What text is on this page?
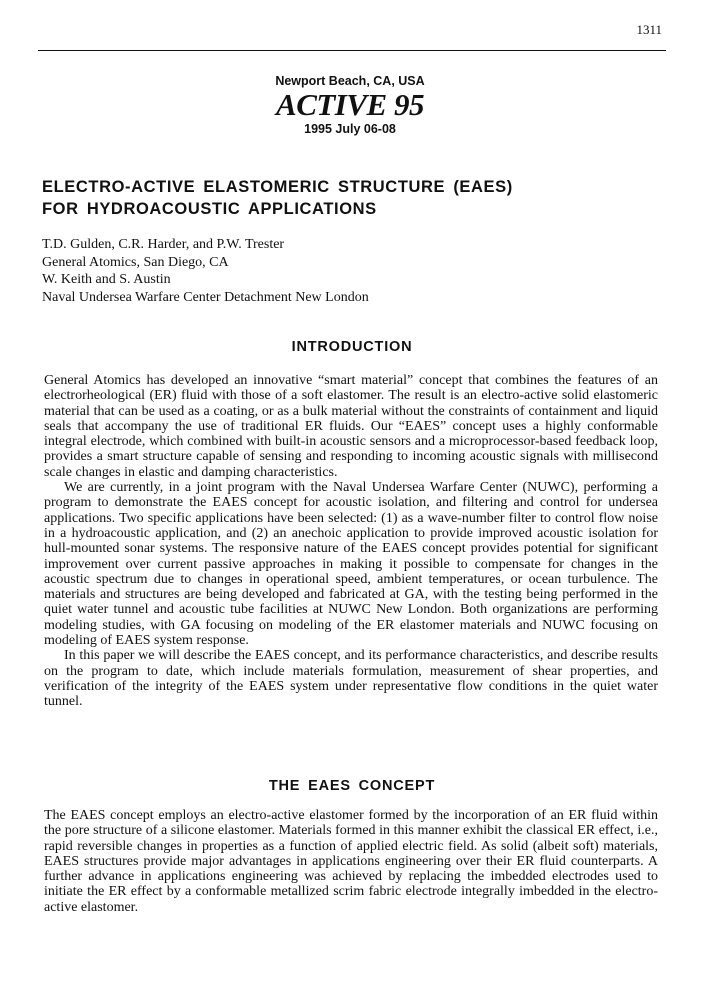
1311
Newport Beach, CA, USA
ACTIVE 95
1995 July 06-08
ELECTRO-ACTIVE ELASTOMERIC STRUCTURE (EAES)
FOR HYDROACOUSTIC APPLICATIONS
T.D. Gulden, C.R. Harder, and P.W. Trester
General Atomics, San Diego, CA
W. Keith and S. Austin
Naval Undersea Warfare Center Detachment New London
INTRODUCTION

General Atomics has developed an innovative “smart material” concept that combines the features of an electrorheological (ER) fluid with those of a soft elastomer. The result is an electro-active solid elastomeric material that can be used as a coating, or as a bulk material without the constraints of containment and liquid seals that accompany the use of traditional ER fluids. Our “EAES” concept uses a highly conformable integral electrode, which combined with built-in acoustic sensors and a microprocessor-based feedback loop, provides a smart structure capable of sensing and responding to incoming acoustic signals with millisecond scale changes in elastic and damping characteristics.

We are currently, in a joint program with the Naval Undersea Warfare Center (NUWC), performing a program to demonstrate the EAES concept for acoustic isolation, and filtering and control for undersea applications. Two specific applications have been selected: (1) as a wave-number filter to control flow noise in a hydroacoustic application, and (2) an anechoic application to provide improved acoustic isolation for hull-mounted sonar systems. The responsive nature of the EAES concept provides potential for significant improvement over current passive approaches in making it possible to compensate for changes in the acoustic spectrum due to changes in operational speed, ambient temperatures, or ocean turbulence. The materials and structures are being developed and fabricated at GA, with the testing being performed in the quiet water tunnel and acoustic tube facilities at NUWC New London. Both organizations are performing modeling studies, with GA focusing on modeling of the ER elastomer materials and NUWC focusing on modeling of EAES system response.

In this paper we will describe the EAES concept, and its performance characteristics, and describe results on the program to date, which include materials formulation, measurement of shear properties, and verification of the integrity of the EAES system under representative flow conditions in the quiet water tunnel.

THE EAES CONCEPT

The EAES concept employs an electro-active elastomer formed by the incorporation of an ER fluid within the pore structure of a silicone elastomer. Materials formed in this manner exhibit the classical ER effect, i.e., rapid reversible changes in properties as a function of applied electric field. As solid (albeit soft) materials, EAES structures provide major advantages in applications engineering over their ER fluid counterparts. A further advance in applications engineering was achieved by replacing the imbedded electrodes used to initiate the ER effect by a conformable metallized scrim fabric electrode integrally imbedded in the electro-active elastomer.
